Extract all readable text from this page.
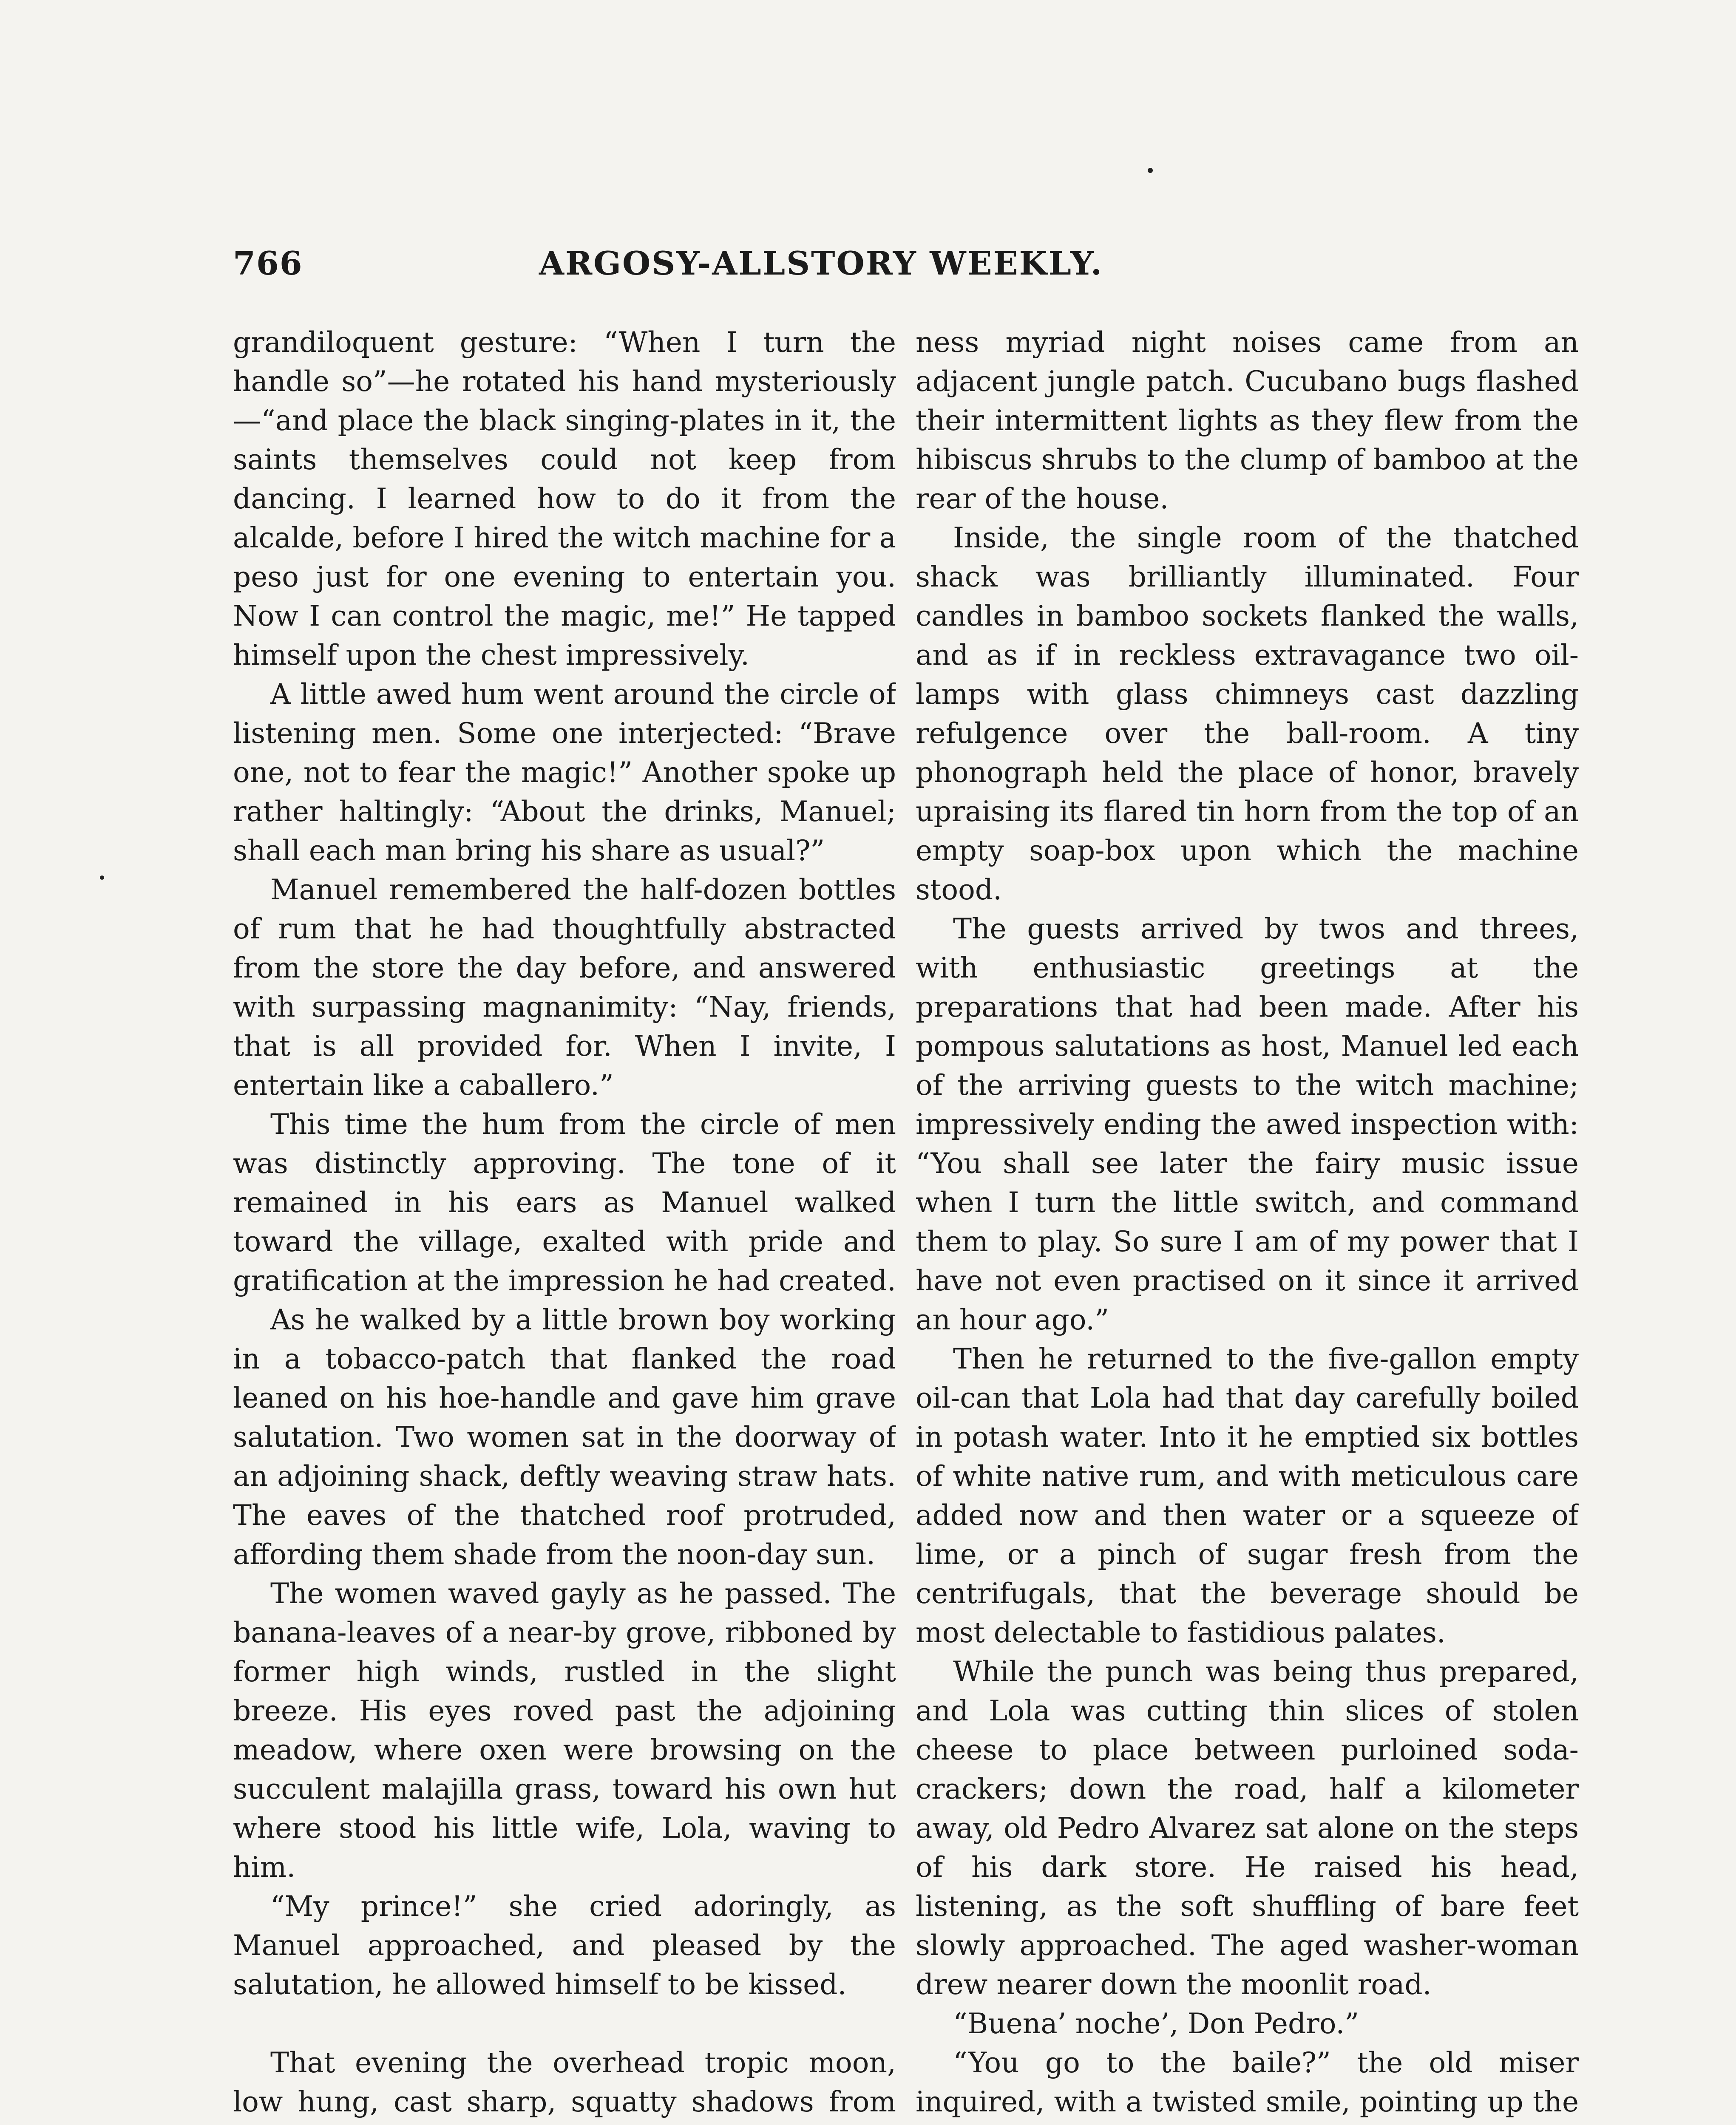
766	ARGOSY-ALLSTORY WEEKLY.

grandiloquent gesture: “When I turn the handle so”—he rotated his hand mysteriously—“and place the black singing-plates in it, the saints themselves could not keep from dancing. I learned how to do it from the alcalde, before I hired the witch machine for a peso just for one evening to entertain you. Now I can control the magic, me!” He tapped himself upon the chest impressively.

A little awed hum went around the circle of listening men. Some one interjected: “Brave one, not to fear the magic!” Another spoke up rather haltingly: “About the drinks, Manuel; shall each man bring his share as usual?”

Manuel remembered the half-dozen bottles of rum that he had thoughtfully abstracted from the store the day before, and answered with surpassing magnanimity: “Nay, friends, that is all provided for. When I invite, I entertain like a caballero.”

This time the hum from the circle of men was distinctly approving. The tone of it remained in his ears as Manuel walked toward the village, exalted with pride and gratification at the impression he had created.

As he walked by a little brown boy working in a tobacco-patch that flanked the road leaned on his hoe-handle and gave him grave salutation. Two women sat in the doorway of an adjoining shack, deftly weaving straw hats. The eaves of the thatched roof protruded, affording them shade from the noon-day sun.

The women waved gayly as he passed. The banana-leaves of a near-by grove, ribboned by former high winds, rustled in the slight breeze. His eyes roved past the adjoining meadow, where oxen were browsing on the succulent malajilla grass, toward his own hut where stood his little wife, Lola, waving to him.

“My prince!” she cried adoringly, as Manuel approached, and pleased by the salutation, he allowed himself to be kissed.

That evening the overhead tropic moon, low hung, cast sharp, squatty shadows from

ness myriad night noises came from an adjacent jungle patch. Cucubano bugs flashed their intermittent lights as they flew from the hibiscus shrubs to the clump of bamboo at the rear of the house.

Inside, the single room of the thatched shack was brilliantly illuminated. Four candles in bamboo sockets flanked the walls, and as if in reckless extravagance two oil-lamps with glass chimneys cast dazzling refulgence over the ball-room. A tiny phonograph held the place of honor, bravely upraising its flared tin horn from the top of an empty soap-box upon which the machine stood.

The guests arrived by twos and threes, with enthusiastic greetings at the preparations that had been made. After his pompous salutations as host, Manuel led each of the arriving guests to the witch machine; impressively ending the awed inspection with: “You shall see later the fairy music issue when I turn the little switch, and command them to play. So sure I am of my power that I have not even practised on it since it arrived an hour ago.”

Then he returned to the five-gallon empty oil-can that Lola had that day carefully boiled in potash water. Into it he emptied six bottles of white native rum, and with meticulous care added now and then water or a squeeze of lime, or a pinch of sugar fresh from the centrifugals, that the beverage should be most delectable to fastidious palates.

While the punch was being thus prepared, and Lola was cutting thin slices of stolen cheese to place between purloined soda-crackers; down the road, half a kilometer away, old Pedro Alvarez sat alone on the steps of his dark store. He raised his head, listening, as the soft shuffling of bare feet slowly approached. The aged washer-woman drew nearer down the moonlit road.

“Buena’ noche’, Don Pedro.”

“You go to the baile?” the old miser inquired, with a twisted smile, pointing up the
